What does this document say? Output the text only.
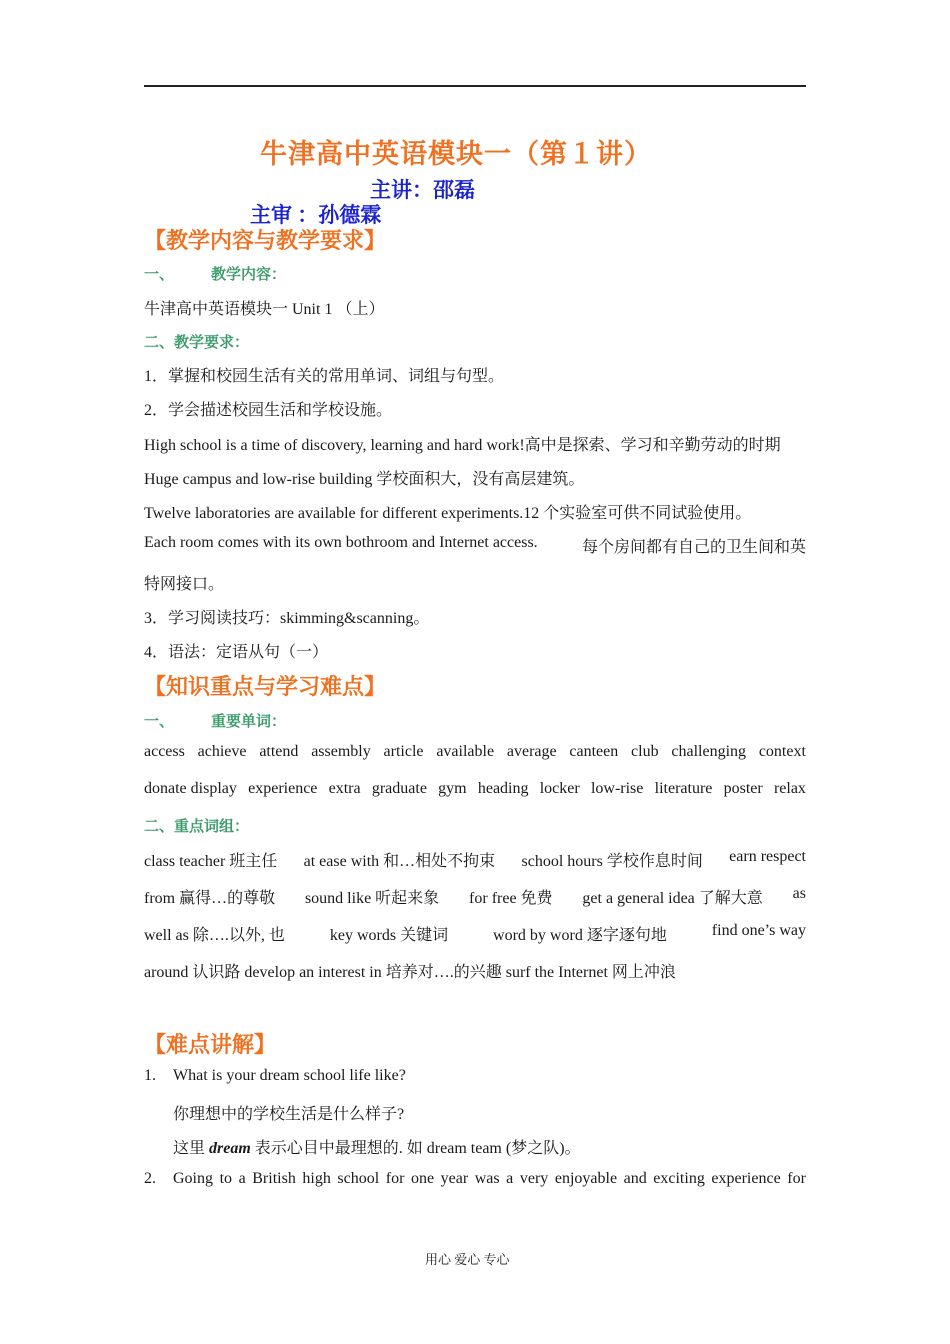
牛津高中英语模块一（第１讲）
主讲：邵磊
主审 ：孙德霖
【教学内容与教学要求】
一、 教学内容：
牛津高中英语模块一 Unit 1 （上）
二、教学要求：
1．掌握和校园生活有关的常用单词、词组与句型。
2．学会描述校园生活和学校设施。
High school is a time of discovery, learning and hard work!高中是探索、学习和辛勤劳动的时期
Huge campus and low-rise building 学校面积大，没有高层建筑。
Twelve laboratories are available for different experiments.12 个实验室可供不同试验使用。
Each room comes with its own bothroom and Internet access.	每个房间都有自己的卫生间和英
特网接口。
3．学习阅读技巧：skimming&scanning。
4．语法：定语从句（一）
【知识重点与学习难点】
一、 重要单词：
access achieve attend assembly article available average canteen club challenging context
donate display experience extra graduate gym heading locker low-rise literature poster relax
二、重点词组：
class teacher 班主任 at ease with 和…相处不拘束 school hours 学校作息时间 earn respect
from 赢得…的尊敬 sound like 听起来象 for free 免费 get a general idea 了解大意 as
well as 除….以外, 也	key words 关键词	word by word 逐字逐句地	find one’s way
around 认识路 develop an interest in 培养对….的兴趣 surf the Internet 网上冲浪
【难点讲解】
1. What is your dream school life like?
你理想中的学校生活是什么样子?
这里 dream 表示心目中最理想的. 如 dream team (梦之队)。
2. Going to a British high school for one year was a very enjoyable and exciting experience for
用心 爱心 专心
